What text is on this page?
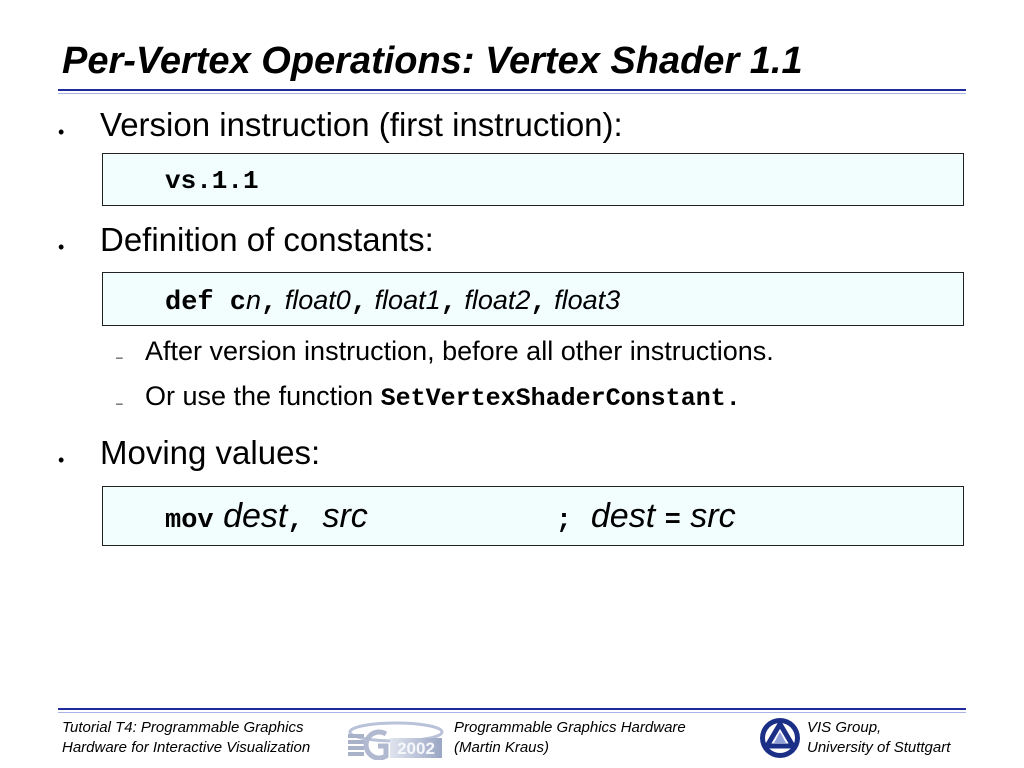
Per-Vertex Operations: Vertex Shader 1.1
• Version instruction (first instruction):
vs.1.1
• Definition of constants:
def cn, float0, float1, float2, float3
– After version instruction, before all other instructions.
– Or use the function SetVertexShaderConstant.
• Moving values:
mov dest, src	; dest = src
Tutorial T4: Programmable Graphics
Hardware for Interactive Visualization	2002
Programmable Graphics Hardware
(Martin Kraus)
VIS Group,
University of Stuttgart
